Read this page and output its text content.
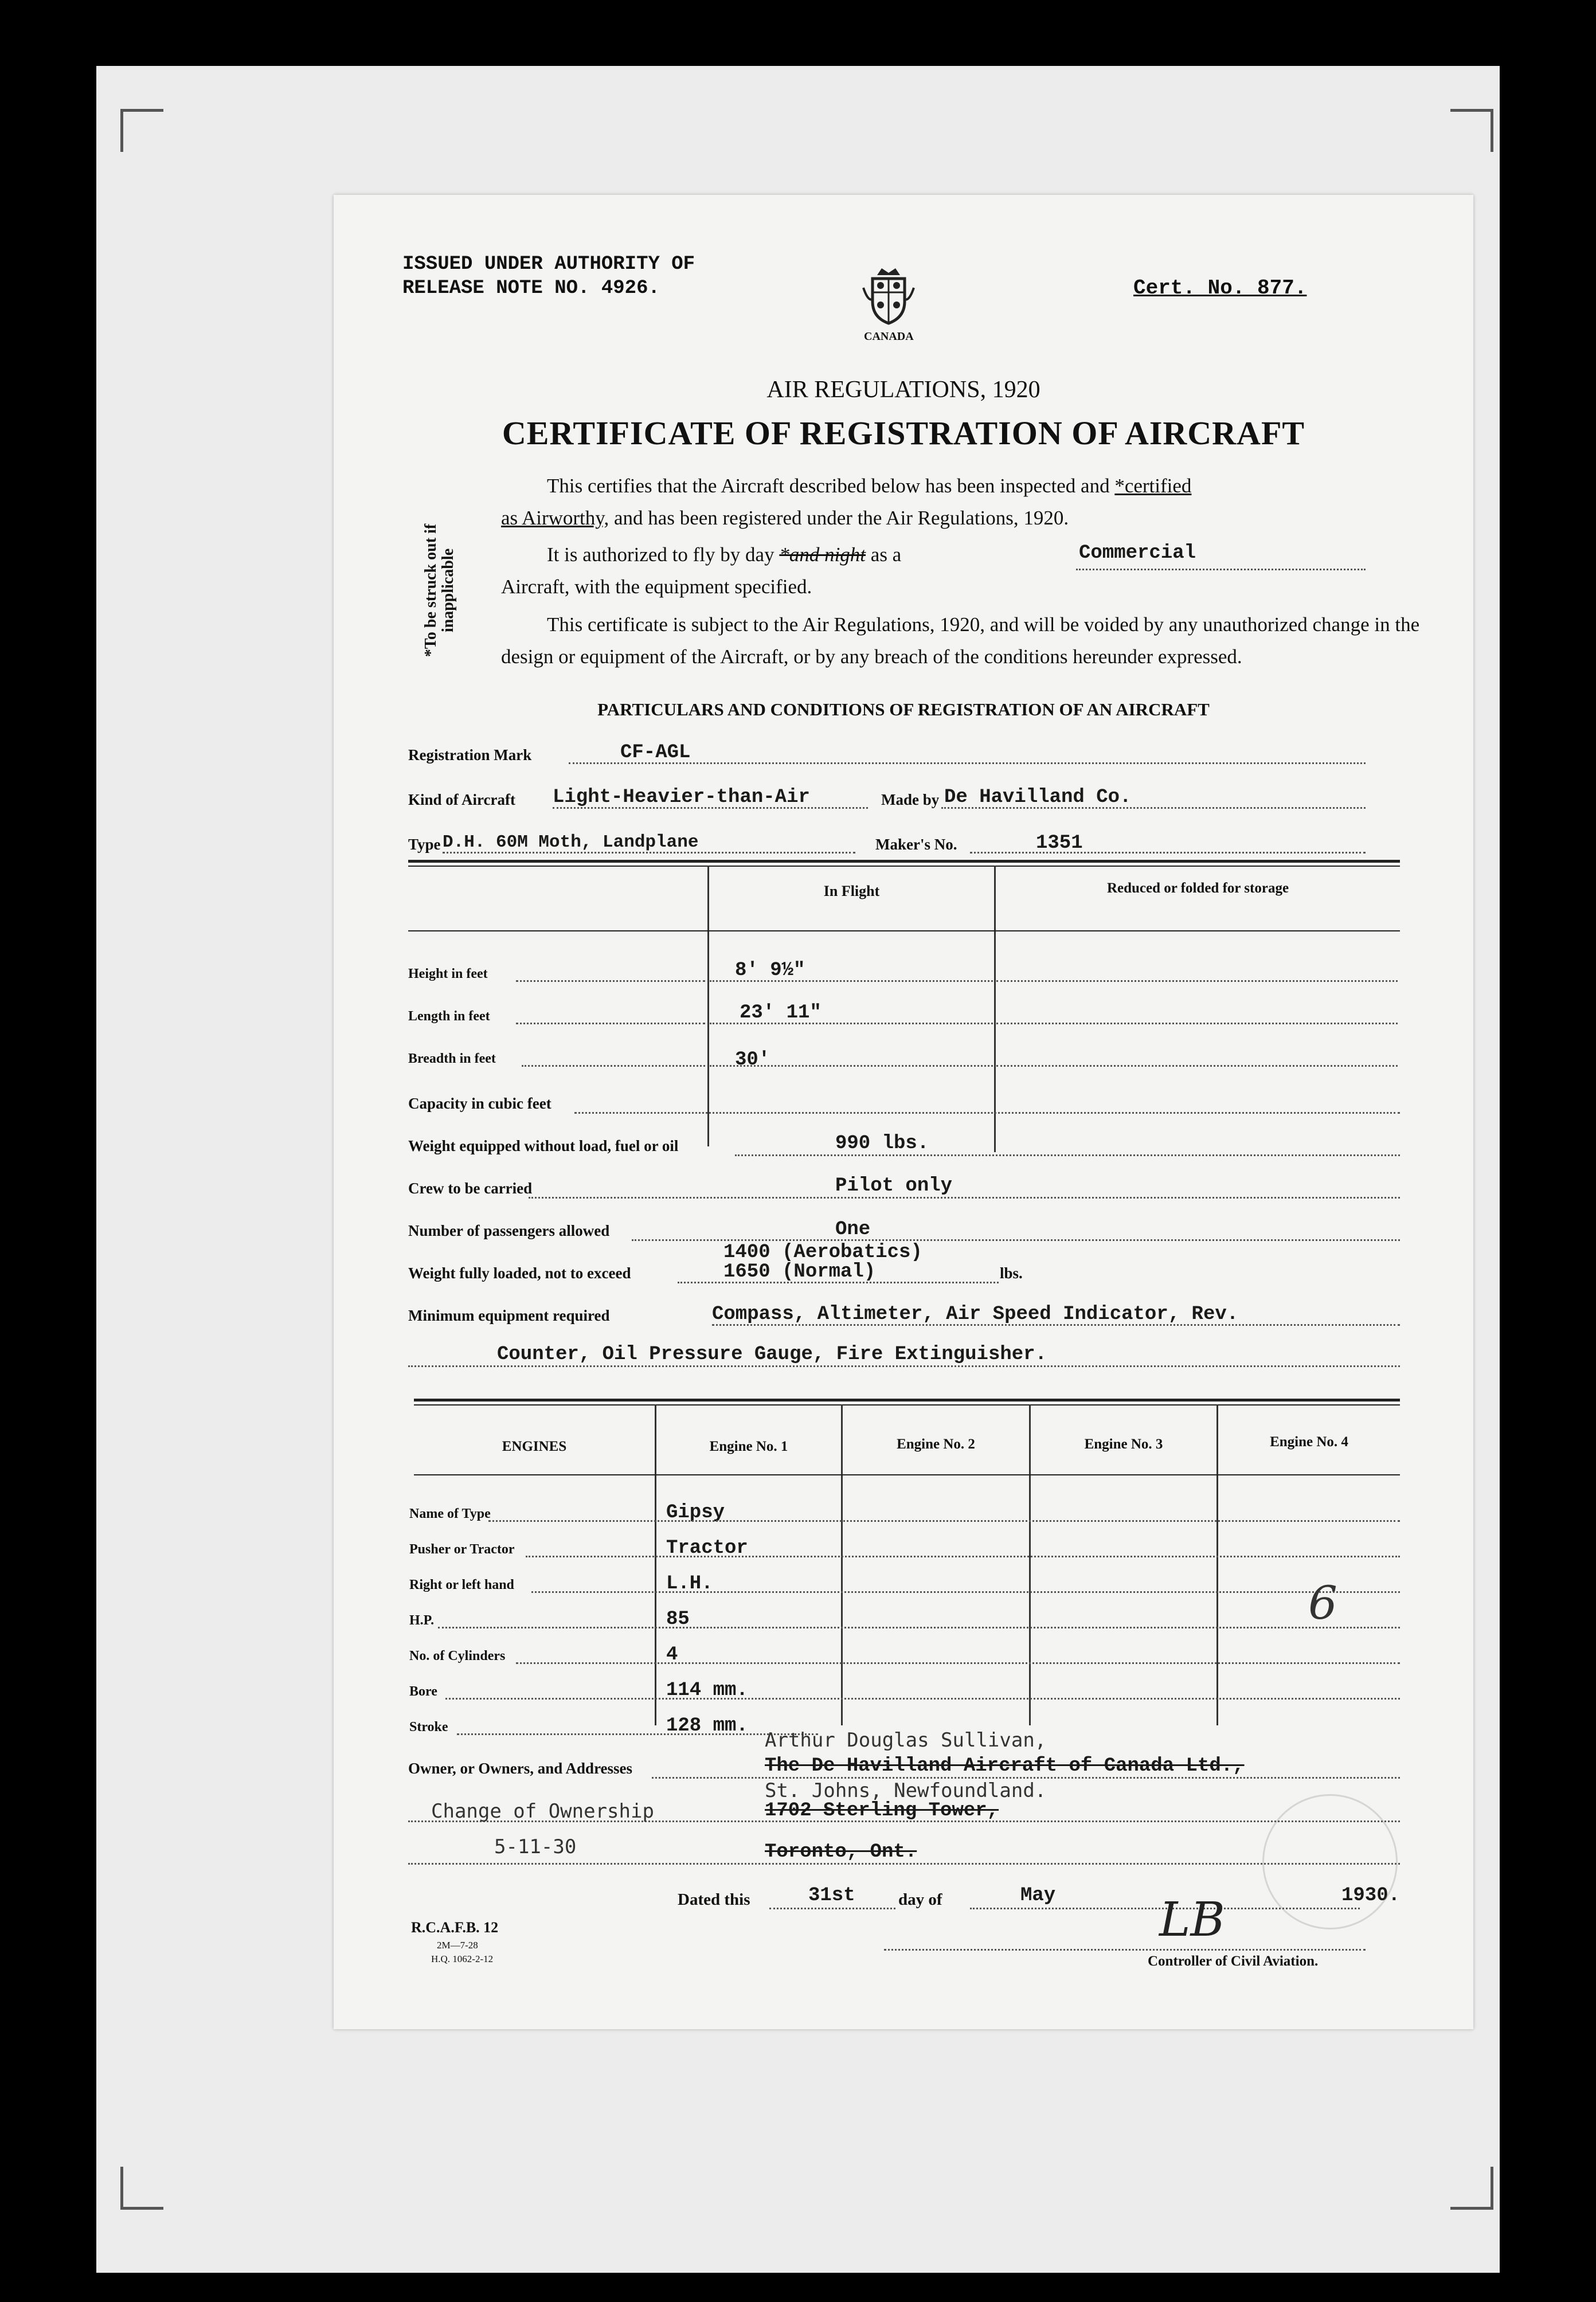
ISSUED UNDER AUTHORITY OF
RELEASE NOTE NO. 4926.	Cert. No. 877.
CANADA
AIR REGULATIONS, 1920
CERTIFICATE OF REGISTRATION OF AIRCRAFT
*To be struck out if inapplicable
This certifies that the Aircraft described below has been inspected and *certified
as Airworthy, and has been registered under the Air Regulations, 1920.
It is authorized to fly by day *and night as a	Commercial
Aircraft, with the equipment specified.
This certificate is subject to the Air Regulations, 1920, and will be voided by any unauthorized change in the design or equipment of the Aircraft, or by any breach of the conditions hereunder expressed.
PARTICULARS AND CONDITIONS OF REGISTRATION OF AN AIRCRAFT
Registration Mark	CF-AGL
Kind of Aircraft Light-Heavier-than-Air	Made by De Havilland Co.
Type D.H. 60M Moth, Landplane	Maker's No.	1351
In Flight	Reduced or folded for storage
Height in feet	8' 9½"
Length in feet	23' 11"
Breadth in feet	30'
Capacity in cubic feet
Weight equipped without load, fuel or oil	990 lbs.
Crew to be carried	Pilot only
Number of passengers allowed	One
Weight fully loaded, not to exceed
1400 (Aerobatics)
1650 (Normal)	lbs.
Minimum equipment required	Compass, Altimeter, Air Speed Indicator, Rev.
Counter, Oil Pressure Gauge, Fire Extinguisher.
ENGINES	Engine No. 1	Engine No. 2	Engine No. 3	Engine No. 4
Name of Type	Gipsy
Pusher or Tractor	Tractor
Right or left hand	L.H.
H.P.	85
No. of Cylinders	4
Bore	114 mm.
Stroke	128 mm.
6
Owner, or Owners, and Addresses
Arthur Douglas Sullivan,
The De Havilland Aircraft of Canada Ltd.,
St. Johns, Newfoundland.
1702 Sterling Tower,
Toronto, Ont.
Change of Ownership
5-11-30
Dated this	31st	day of	May	1930.
R.C.A.F.B. 12
2M—7-28
H.Q. 1062-2-12
LB
Controller of Civil Aviation.
